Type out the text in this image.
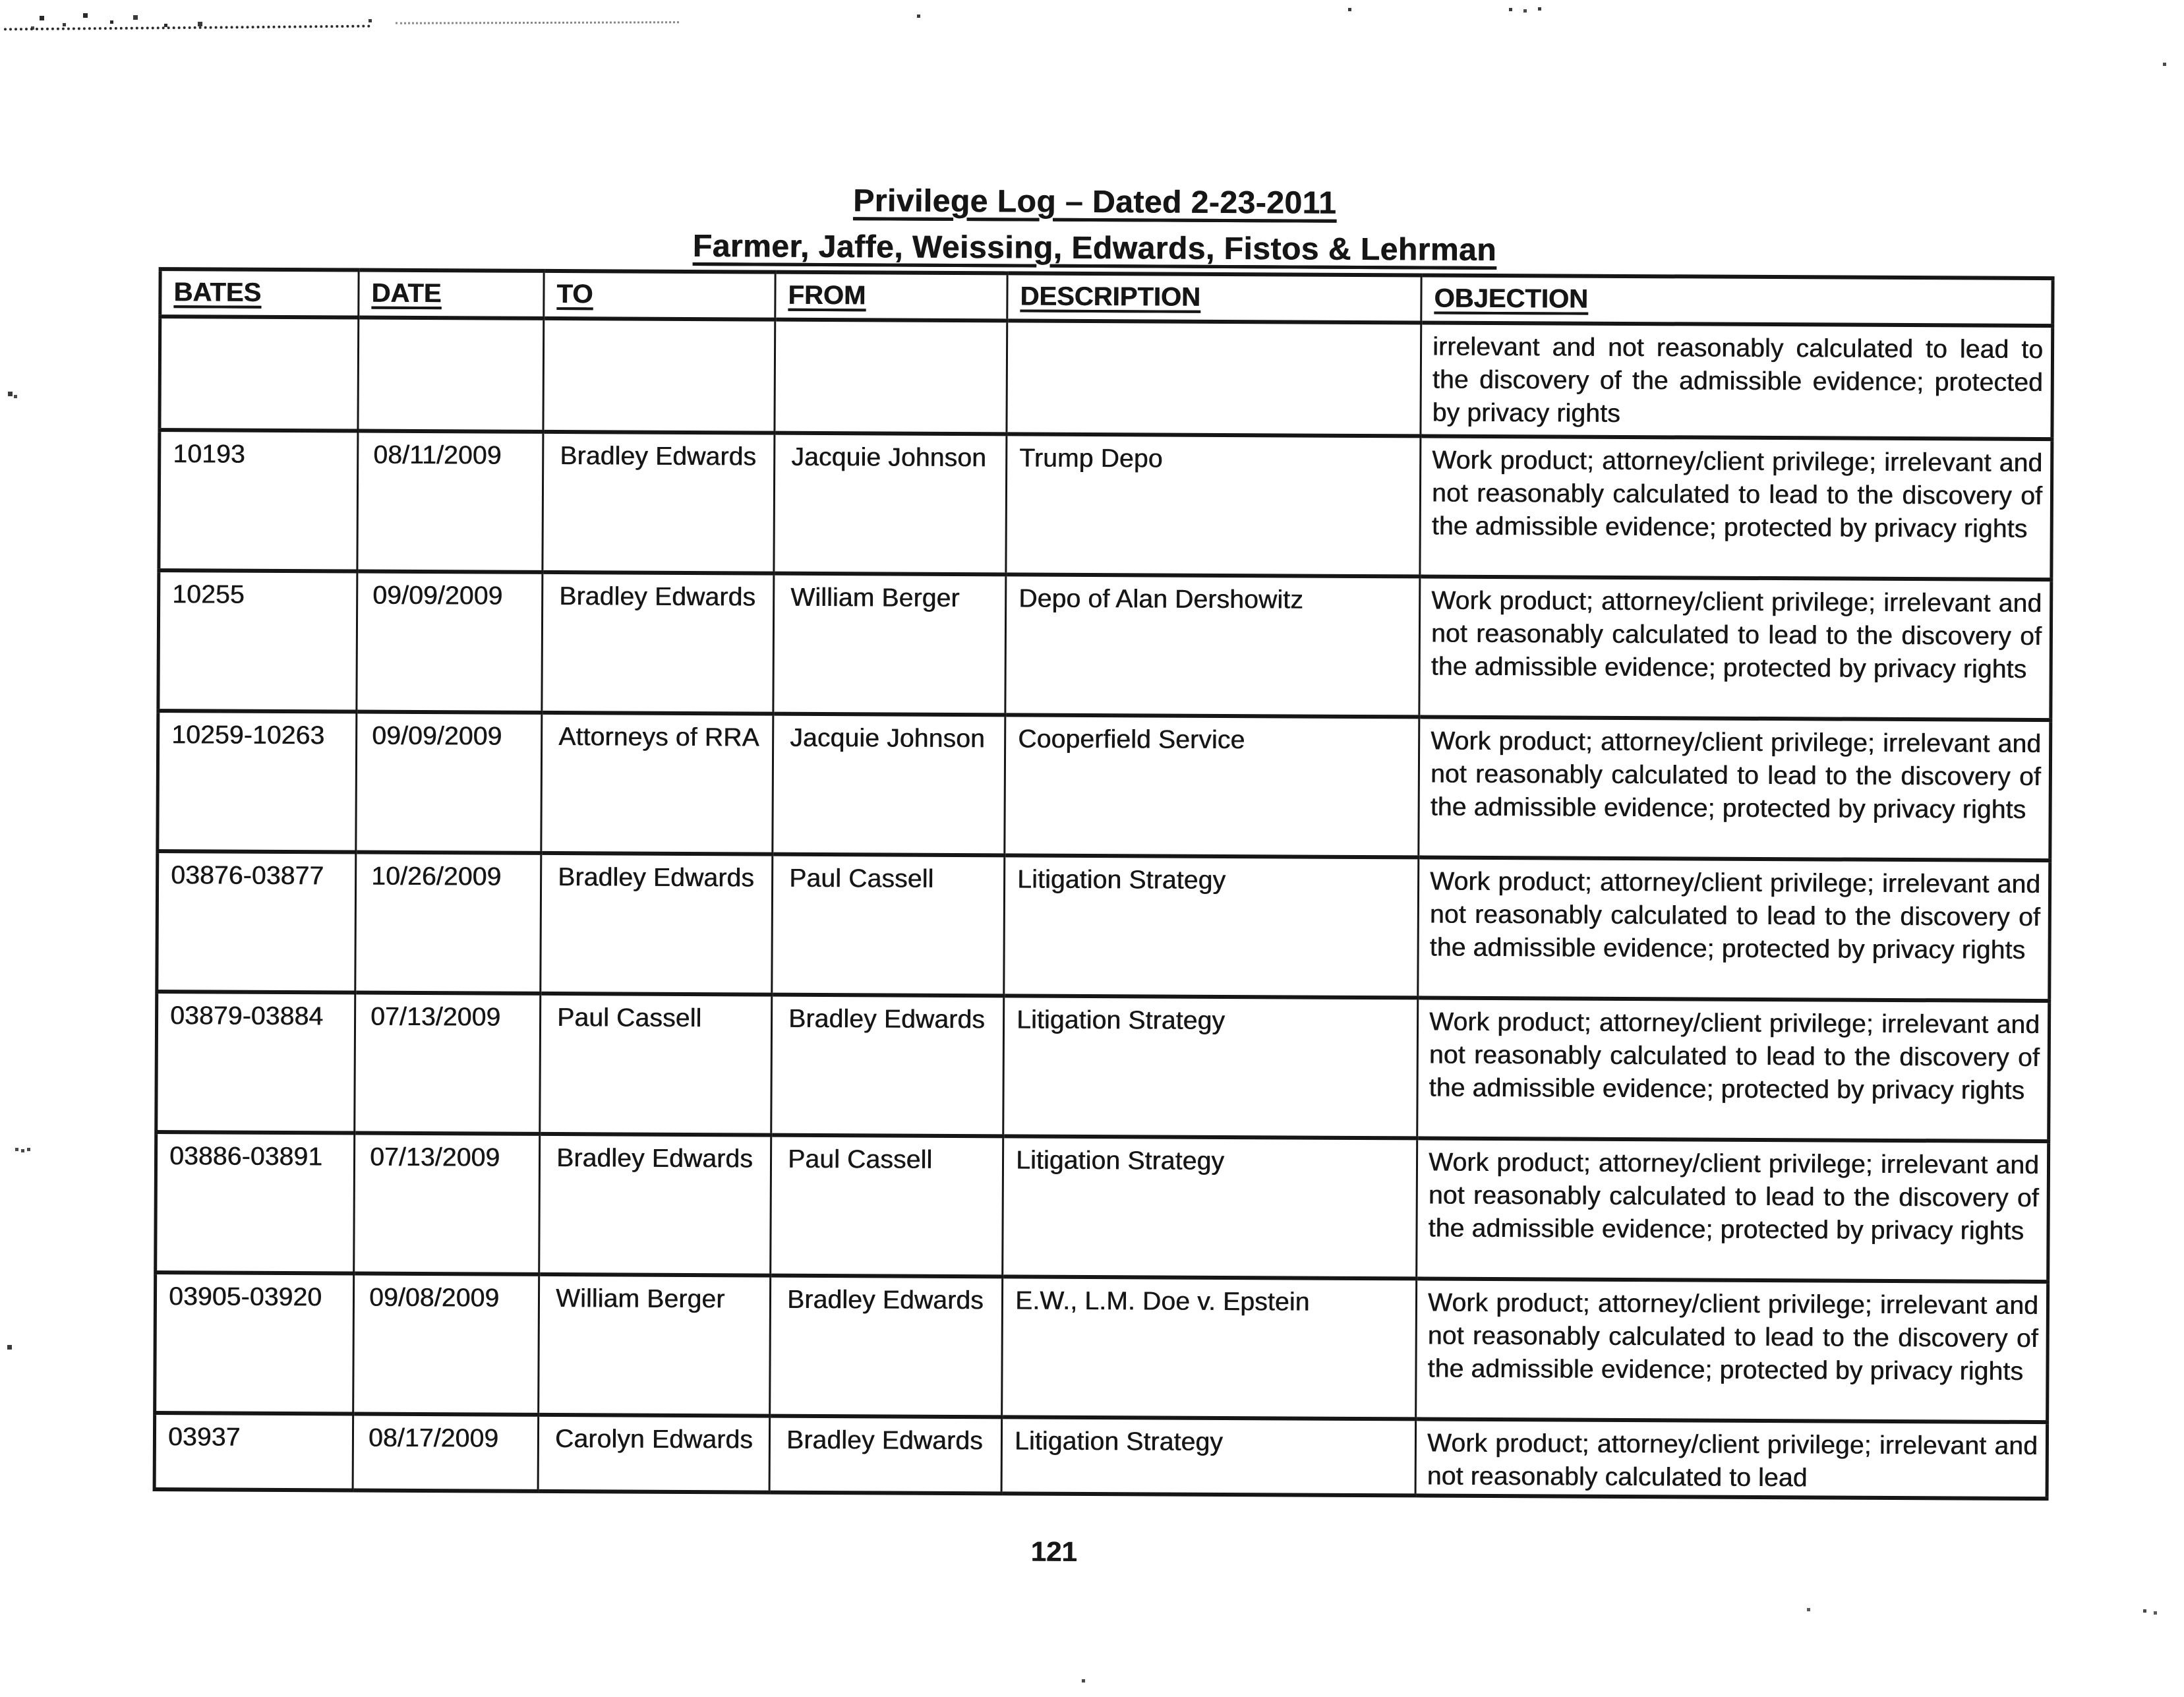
Privilege Log – Dated 2-23-2011
Farmer, Jaffe, Weissing, Edwards, Fistos & Lehrman
BATES	DATE	TO	FROM	DESCRIPTION	OBJECTION

					irrelevant and not reasonably calculated to lead to the discovery of the admissible evidence; protected by privacy rights

10193	08/11/2009	Bradley Edwards	Jacquie Johnson	Trump Depo	Work product; attorney/client privilege; irrelevant and not reasonably calculated to lead to the discovery of the admissible evidence; protected by privacy rights

10255	09/09/2009	Bradley Edwards	William Berger	Depo of Alan Dershowitz	Work product; attorney/client privilege; irrelevant and not reasonably calculated to lead to the discovery of the admissible evidence; protected by privacy rights

10259-10263	09/09/2009	Attorneys of RRA	Jacquie Johnson	Cooperfield Service	Work product; attorney/client privilege; irrelevant and not reasonably calculated to lead to the discovery of the admissible evidence; protected by privacy rights

03876-03877	10/26/2009	Bradley Edwards	Paul Cassell	Litigation Strategy	Work product; attorney/client privilege; irrelevant and not reasonably calculated to lead to the discovery of the admissible evidence; protected by privacy rights

03879-03884	07/13/2009	Paul Cassell	Bradley Edwards	Litigation Strategy	Work product; attorney/client privilege; irrelevant and not reasonably calculated to lead to the discovery of the admissible evidence; protected by privacy rights

03886-03891	07/13/2009	Bradley Edwards	Paul Cassell	Litigation Strategy	Work product; attorney/client privilege; irrelevant and not reasonably calculated to lead to the discovery of the admissible evidence; protected by privacy rights

03905-03920	09/08/2009	William Berger	Bradley Edwards	E.W., L.M. Doe v. Epstein	Work product; attorney/client privilege; irrelevant and not reasonably calculated to lead to the discovery of the admissible evidence; protected by privacy rights

03937	08/17/2009	Carolyn Edwards	Bradley Edwards	Litigation Strategy	Work product; attorney/client privilege; irrelevant and not reasonably calculated to lead
121
